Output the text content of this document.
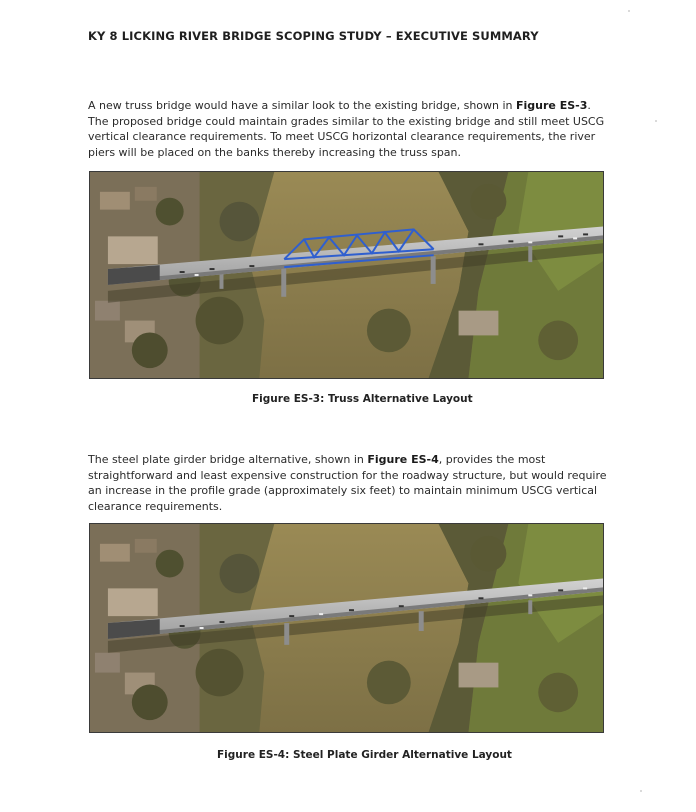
KY 8 LICKING RIVER BRIDGE SCOPING STUDY – EXECUTIVE SUMMARY

A new truss bridge would have a similar look to the existing bridge, shown in Figure ES-3. The proposed bridge could maintain grades similar to the existing bridge and still meet USCG vertical clearance requirements. To meet USCG horizontal clearance requirements, the river piers will be placed on the banks thereby increasing the truss span.

Figure ES-3: Truss Alternative Layout

The steel plate girder bridge alternative, shown in Figure ES-4, provides the most straightforward and least expensive construction for the roadway structure, but would require an increase in the profile grade (approximately six feet) to maintain minimum USCG vertical clearance requirements.

Figure ES-4: Steel Plate Girder Alternative Layout
